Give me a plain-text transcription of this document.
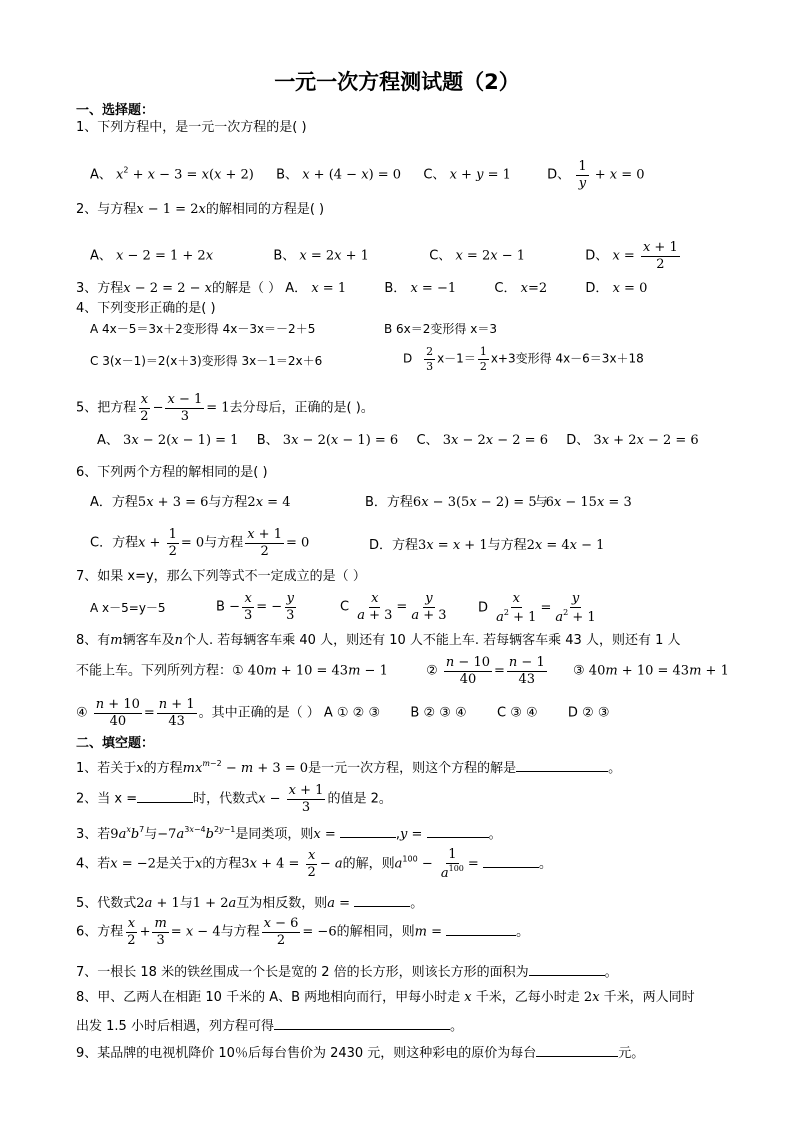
一元一次方程测试题（2）
一、选择题：
1、下列方程中，是一元一次方程的是( )
A、 $x^2 + x - 3 = x(x + 2)$ B、 x + (4 − x) = 0 C、 x + y = 1	D、 $\frac{1}{y} + x = 0$
2、与方程x − 1 = 2x的解相同的方程是( )
A、 x − 2 = 1 + 2x	B、 x = 2x + 1	C、 x = 2x − 1	D、 $x = \frac{x + 1}{2}$
3、方程x − 2 = 2 − x的解是（ ） A． x = 1	B． x = −1	C． x=2	D． x = 0
4、下列变形正确的是( )
A 4x－5＝3x＋2变形得 4x－3x＝－2＋5	B 6x＝2变形得 x＝3
C 3(x－1)＝2(x＋3)变形得 3x－1＝2x＋6	D $\frac{2}{3} x-1= \frac{1}{2} x+3$变形得 4x－6＝3x＋18
5、把方程 $\frac{x}{2} - \frac{x - 1}{3} = 1$去分母后，正确的是( )。
A、 3x − 2(x − 1) = 1 B、 3x − 2(x − 1) = 6 C、 3x − 2x − 2 = 6 D、 3x + 2x − 2 = 6
6、下列两个方程的解相同的是( )
A．方程5x + 3 = 6与方程2x = 4	B．方程6x − 3(5x − 2) = 5与6x − 15x = 3
C．方程$x + \frac{1}{2} = 0$与方程 $\frac{x + 1}{2} = 0$	D．方程3x = x + 1与方程2x = 4x − 1
7、如果 x=y，那么下列等式不一定成立的是（ ）
A x－5=y－5	$B - \frac{x}{3}$ = − $\frac{y}{3}$	C $\frac{x}{a + 3} = \frac{y}{a + 3}$ D $\frac{x}{a^2 + 1} = \frac{y}{a^2 + 1}$
8、有m辆客车及n个人. 若每辆客车乘 40 人，则还有 10 人不能上车. 若每辆客车乘 43 人，则还有 1 人
不能上车。下列所列方程：① 40m + 10 = 43m − 1	② $\frac{n - 10}{40} = \frac{n - 1}{43}$ ③ 40m + 10 = 43m + 1
④ $\frac{n + 10}{40} = \frac{n + 1}{43}$ 。其中正确的是（ ） A ① ② ③ B ② ③ ④ C ③ ④ D ② ③
二、填空题：
1、若关于x的方程$mx^{m-2} - m + 3 = 0$是一元一次方程，则这个方程的解是	。
2、当 x =	时，代数式$x - \frac{x + 1}{3}$ 的值是 2。
3、若$9a^xb^7$与$-7a^{3x-4}b^{2y-1}$是同类项，则x =	,y =	。
4、若x = −2是关于x的方程$3x + 4 = \frac{x}{2} - a$的解，则$a^{100} - \frac{1}{a^{100}}$ =	。
5、代数式2a + 1与1 + 2a互为相反数，则a =	。
6、方程 $\frac{x}{2} + \frac{m}{3} = x - 4$与方程 $\frac{x - 6}{2} = -6$的解相同，则m =	。
7、一根长 18 米的铁丝围成一个长是宽的 2 倍的长方形，则该长方形的面积为	。
8、甲、乙两人在相距 10 千米的 A、B 两地相向而行，甲每小时走 x 千米，乙每小时走 2x 千米，两人同时
出发 1.5 小时后相遇，列方程可得	。
9、某品牌的电视机降价 10％后每台售价为 2430 元，则这种彩电的原价为每台	元。
